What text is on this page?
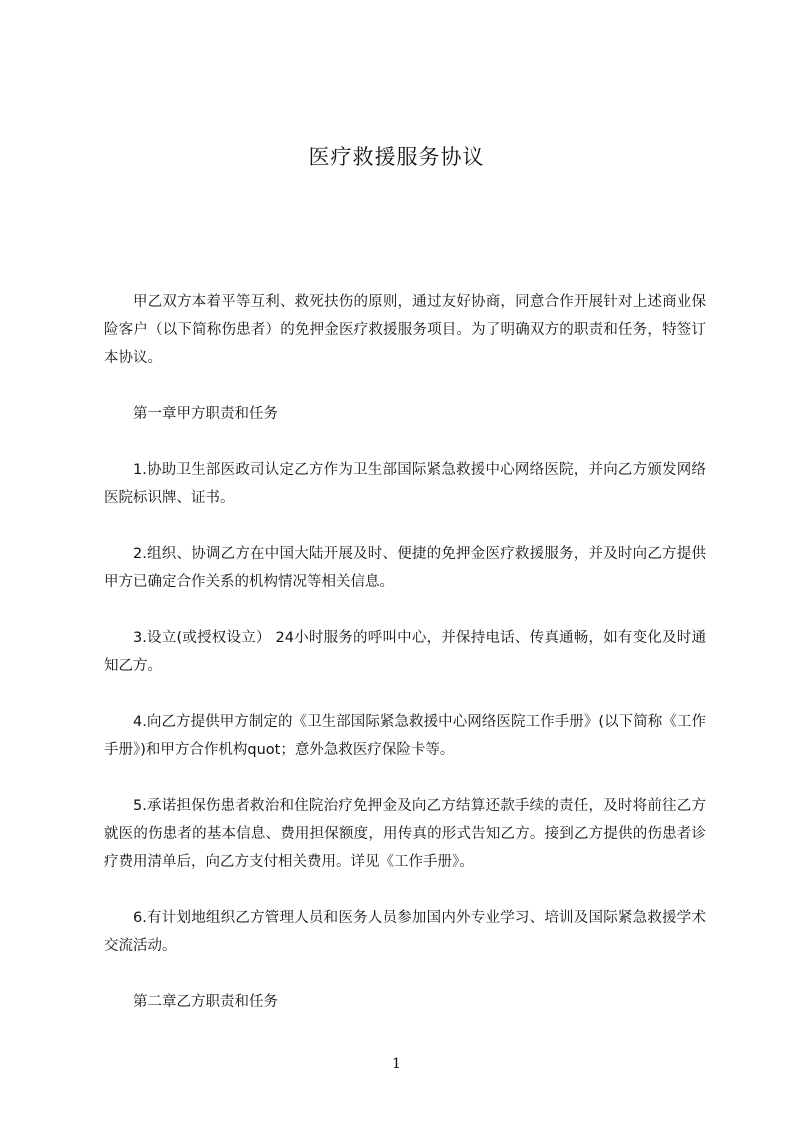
医疗救援服务协议

甲乙双方本着平等互利、救死扶伤的原则，通过友好协商，同意合作开展针对上述商业保险客户（以下简称伤患者）的免押金医疗救援服务项目。为了明确双方的职责和任务，特签订本协议。

第一章甲方职责和任务

1.协助卫生部医政司认定乙方作为卫生部国际紧急救援中心网络医院，并向乙方颁发网络医院标识牌、证书。

2.组织、协调乙方在中国大陆开展及时、便捷的免押金医疗救援服务，并及时向乙方提供甲方已确定合作关系的机构情况等相关信息。

3.设立(或授权设立） 24小时服务的呼叫中心，并保持电话、传真通畅，如有变化及时通知乙方。

4.向乙方提供甲方制定的《卫生部国际紧急救援中心网络医院工作手册》(以下简称《工作手册》)和甲方合作机构quot；意外急救医疗保险卡等。

5.承诺担保伤患者救治和住院治疗免押金及向乙方结算还款手续的责任，及时将前往乙方就医的伤患者的基本信息、费用担保额度，用传真的形式告知乙方。接到乙方提供的伤患者诊疗费用清单后，向乙方支付相关费用。详见《工作手册》。

6.有计划地组织乙方管理人员和医务人员参加国内外专业学习、培训及国际紧急救援学术交流活动。

第二章乙方职责和任务

1
